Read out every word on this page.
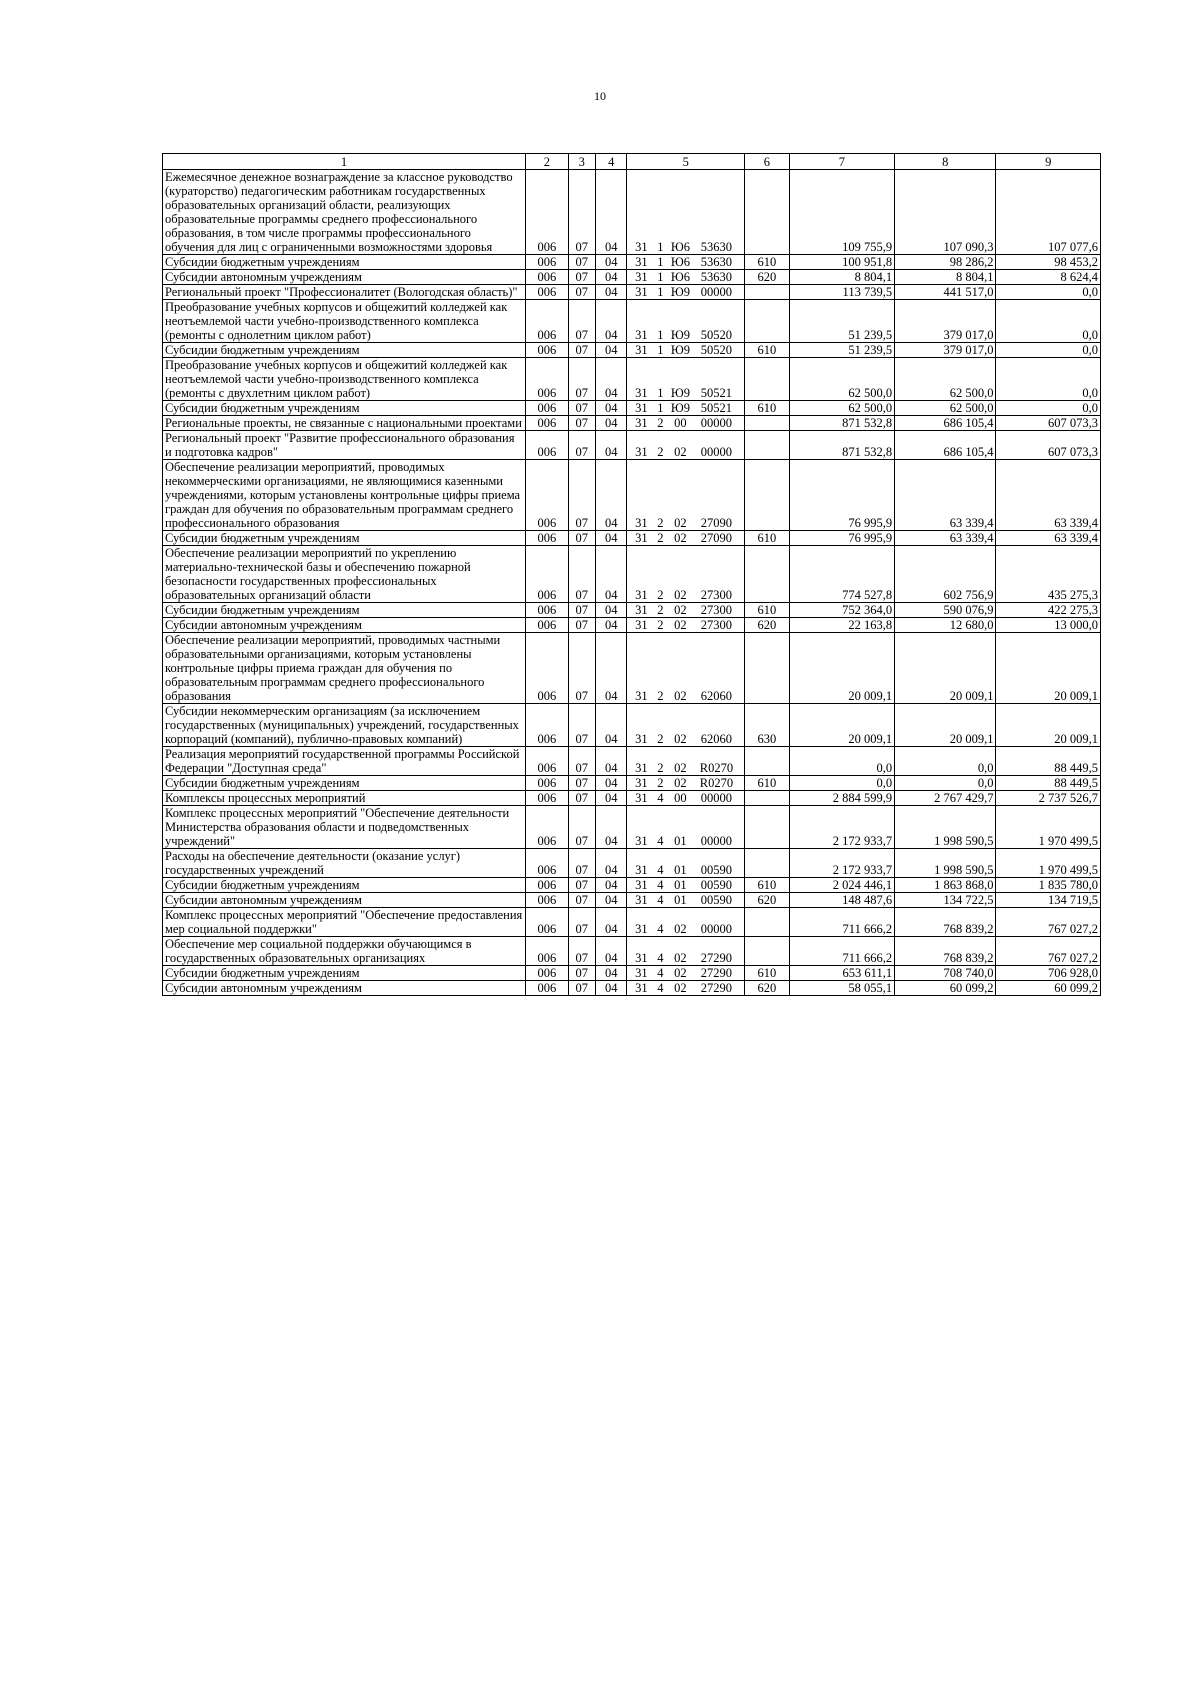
10
1	2	3	4	5	6	7	8	9
Ежемесячное денежное вознаграждение за классное руководство (кураторство) педагогическим работникам государственных образовательных организаций области, реализующих образовательные программы среднего профессионального образования, в том числе программы профессионального обучения для лиц с ограниченными возможностями здоровья	006	07	04	31 1 Ю6 53630		109 755,9	107 090,3	107 077,6
Субсидии бюджетным учреждениям	006	07	04	31 1 Ю6 53630	610	100 951,8	98 286,2	98 453,2
Субсидии автономным учреждениям	006	07	04	31 1 Ю6 53630	620	8 804,1	8 804,1	8 624,4
Региональный проект "Профессионалитет (Вологодская область)"	006	07	04	31 1 Ю9 00000		113 739,5	441 517,0	0,0
Преобразование учебных корпусов и общежитий колледжей как неотъемлемой части учебно-производственного комплекса (ремонты с однолетним циклом работ)	006	07	04	31 1 Ю9 50520		51 239,5	379 017,0	0,0
Субсидии бюджетным учреждениям	006	07	04	31 1 Ю9 50520	610	51 239,5	379 017,0	0,0
Преобразование учебных корпусов и общежитий колледжей как неотъемлемой части учебно-производственного комплекса (ремонты с двухлетним циклом работ)	006	07	04	31 1 Ю9 50521		62 500,0	62 500,0	0,0
Субсидии бюджетным учреждениям	006	07	04	31 1 Ю9 50521	610	62 500,0	62 500,0	0,0
Региональные проекты, не связанные с национальными проектами	006	07	04	31 2 00 00000		871 532,8	686 105,4	607 073,3
Региональный проект "Развитие профессионального образования и подготовка кадров"	006	07	04	31 2 02 00000		871 532,8	686 105,4	607 073,3
Обеспечение реализации мероприятий, проводимых некоммерческими организациями, не являющимися казенными учреждениями, которым установлены контрольные цифры приема граждан для обучения по образовательным программам среднего профессионального образования	006	07	04	31 2 02 27090		76 995,9	63 339,4	63 339,4
Субсидии бюджетным учреждениям	006	07	04	31 2 02 27090	610	76 995,9	63 339,4	63 339,4
Обеспечение реализации мероприятий по укреплению материально-технической базы и обеспечению пожарной безопасности государственных профессиональных образовательных организаций области	006	07	04	31 2 02 27300		774 527,8	602 756,9	435 275,3
Субсидии бюджетным учреждениям	006	07	04	31 2 02 27300	610	752 364,0	590 076,9	422 275,3
Субсидии автономным учреждениям	006	07	04	31 2 02 27300	620	22 163,8	12 680,0	13 000,0
Обеспечение реализации мероприятий, проводимых частными образовательными организациями, которым установлены контрольные цифры приема граждан для обучения по образовательным программам среднего профессионального образования	006	07	04	31 2 02 62060		20 009,1	20 009,1	20 009,1
Субсидии некоммерческим организациям (за исключением государственных (муниципальных) учреждений, государственных корпораций (компаний), публично-правовых компаний)	006	07	04	31 2 02 62060	630	20 009,1	20 009,1	20 009,1
Реализация мероприятий государственной программы Российской Федерации "Доступная среда"	006	07	04	31 2 02 R0270		0,0	0,0	88 449,5
Субсидии бюджетным учреждениям	006	07	04	31 2 02 R0270	610	0,0	0,0	88 449,5
Комплексы процессных мероприятий	006	07	04	31 4 00 00000		2 884 599,9	2 767 429,7	2 737 526,7
Комплекс процессных мероприятий "Обеспечение деятельности Министерства образования области и подведомственных учреждений"	006	07	04	31 4 01 00000		2 172 933,7	1 998 590,5	1 970 499,5
Расходы на обеспечение деятельности (оказание услуг) государственных учреждений	006	07	04	31 4 01 00590		2 172 933,7	1 998 590,5	1 970 499,5
Субсидии бюджетным учреждениям	006	07	04	31 4 01 00590	610	2 024 446,1	1 863 868,0	1 835 780,0
Субсидии автономным учреждениям	006	07	04	31 4 01 00590	620	148 487,6	134 722,5	134 719,5
Комплекс процессных мероприятий "Обеспечение предоставления мер социальной поддержки"	006	07	04	31 4 02 00000		711 666,2	768 839,2	767 027,2
Обеспечение мер социальной поддержки обучающимся в государственных образовательных организациях	006	07	04	31 4 02 27290		711 666,2	768 839,2	767 027,2
Субсидии бюджетным учреждениям	006	07	04	31 4 02 27290	610	653 611,1	708 740,0	706 928,0
Субсидии автономным учреждениям	006	07	04	31 4 02 27290	620	58 055,1	60 099,2	60 099,2
